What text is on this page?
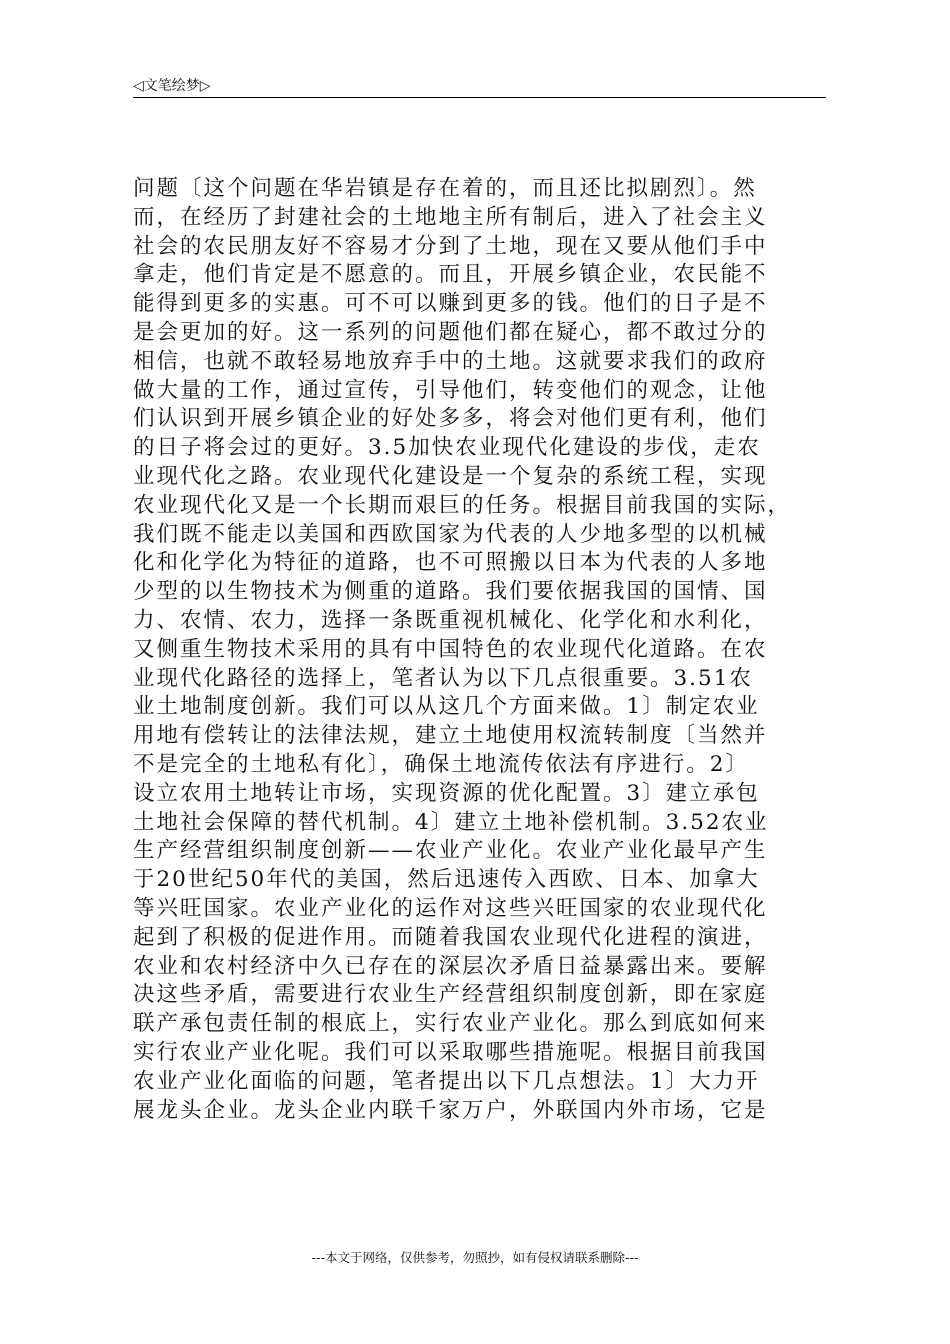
◁文笔绘梦▷
问题〔这个问题在华岩镇是存在着的，而且还比拟剧烈〕。然
而，在经历了封建社会的土地地主所有制后，进入了社会主义
社会的农民朋友好不容易才分到了土地，现在又要从他们手中
拿走，他们肯定是不愿意的。而且，开展乡镇企业，农民能不
能得到更多的实惠。可不可以赚到更多的钱。他们的日子是不
是会更加的好。这一系列的问题他们都在疑心，都不敢过分的
相信，也就不敢轻易地放弃手中的土地。这就要求我们的政府
做大量的工作，通过宣传，引导他们，转变他们的观念，让他
们认识到开展乡镇企业的好处多多，将会对他们更有利，他们
的日子将会过的更好。3.5加快农业现代化建设的步伐，走农
业现代化之路。农业现代化建设是一个复杂的系统工程，实现
农业现代化又是一个长期而艰巨的任务。根据目前我国的实际，
我们既不能走以美国和西欧国家为代表的人少地多型的以机械
化和化学化为特征的道路，也不可照搬以日本为代表的人多地
少型的以生物技术为侧重的道路。我们要依据我国的国情、国
力、农情、农力，选择一条既重视机械化、化学化和水利化，
又侧重生物技术采用的具有中国特色的农业现代化道路。在农
业现代化路径的选择上，笔者认为以下几点很重要。3.51农
业土地制度创新。我们可以从这几个方面来做。1〕制定农业
用地有偿转让的法律法规，建立土地使用权流转制度〔当然并
不是完全的土地私有化〕，确保土地流传依法有序进行。2〕
设立农用土地转让市场，实现资源的优化配置。3〕建立承包
土地社会保障的替代机制。4〕建立土地补偿机制。3.52农业
生产经营组织制度创新——农业产业化。农业产业化最早产生
于20世纪50年代的美国，然后迅速传入西欧、日本、加拿大
等兴旺国家。农业产业化的运作对这些兴旺国家的农业现代化
起到了积极的促进作用。而随着我国农业现代化进程的演进，
农业和农村经济中久已存在的深层次矛盾日益暴露出来。要解
决这些矛盾，需要进行农业生产经营组织制度创新，即在家庭
联产承包责任制的根底上，实行农业产业化。那么到底如何来
实行农业产业化呢。我们可以采取哪些措施呢。根据目前我国
农业产业化面临的问题，笔者提出以下几点想法。1〕大力开
展龙头企业。龙头企业内联千家万户，外联国内外市场，它是
---本文于网络，仅供参考，勿照抄，如有侵权请联系删除---
